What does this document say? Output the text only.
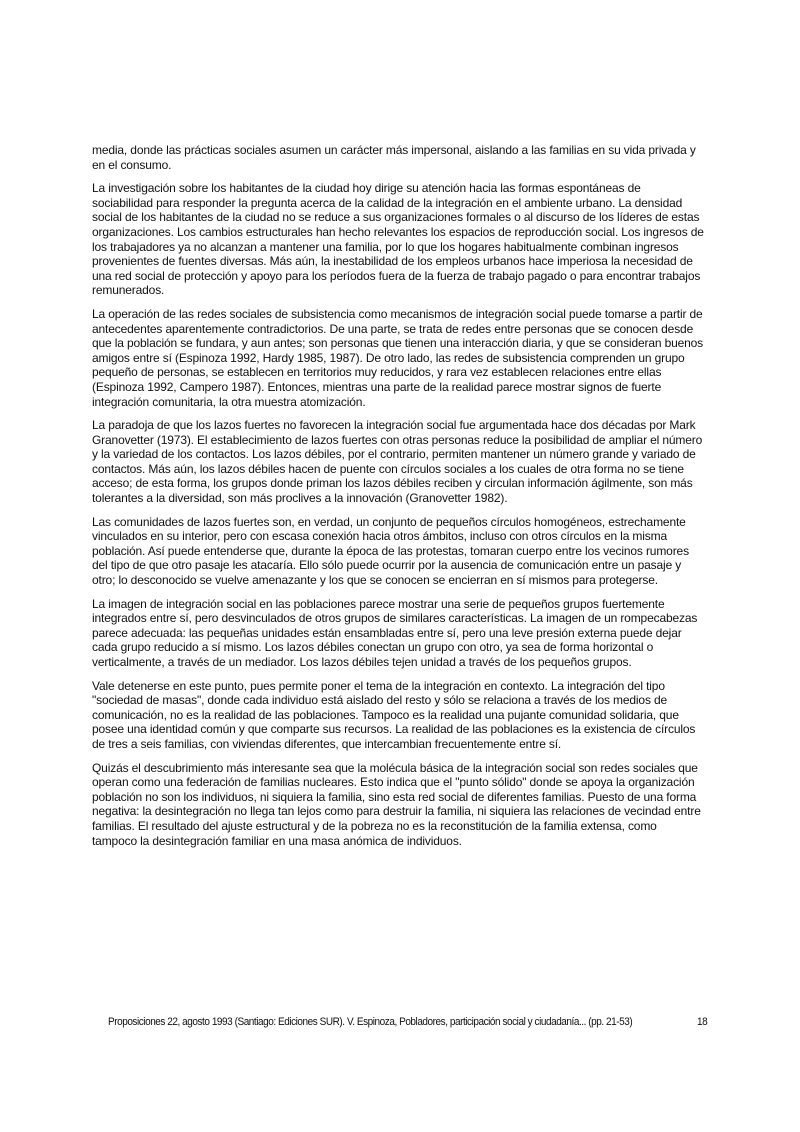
media, donde las prácticas sociales asumen un carácter más impersonal, aislando a las familias en su vida privada y en el consumo.

La investigación sobre los habitantes de la ciudad hoy dirige su atención hacia las formas espontáneas de sociabilidad para responder la pregunta acerca de la calidad de la integración en el ambiente urbano. La densidad social de los habitantes de la ciudad no se reduce a sus organizaciones formales o al discurso de los líderes de estas organizaciones. Los cambios estructurales han hecho relevantes los espacios de reproducción social. Los ingresos de los trabajadores ya no alcanzan a mantener una familia, por lo que los hogares habitualmente combinan ingresos provenientes de fuentes diversas. Más aún, la inestabilidad de los empleos urbanos hace imperiosa la necesidad de una red social de protección y apoyo para los períodos fuera de la fuerza de trabajo pagado o para encontrar trabajos remunerados.

La operación de las redes sociales de subsistencia como mecanismos de integración social puede tomarse a partir de antecedentes aparentemente contradictorios. De una parte, se trata de redes entre personas que se conocen desde que la población se fundara, y aun antes; son personas que tienen una interacción diaria, y que se consideran buenos amigos entre sí (Espinoza 1992, Hardy 1985, 1987). De otro lado, las redes de subsistencia comprenden un grupo pequeño de personas, se establecen en territorios muy reducidos, y rara vez establecen relaciones entre ellas (Espinoza 1992, Campero 1987). Entonces, mientras una parte de la realidad parece mostrar signos de fuerte integración comunitaria, la otra muestra atomización.

La paradoja de que los lazos fuertes no favorecen la integración social fue argumentada hace dos décadas por Mark Granovetter (1973). El establecimiento de lazos fuertes con otras personas reduce la posibilidad de ampliar el número y la variedad de los contactos. Los lazos débiles, por el contrario, permiten mantener un número grande y variado de contactos. Más aún, los lazos débiles hacen de puente con círculos sociales a los cuales de otra forma no se tiene acceso; de esta forma, los grupos donde priman los lazos débiles reciben y circulan información ágilmente, son más tolerantes a la diversidad, son más proclives a la innovación (Granovetter 1982).

Las comunidades de lazos fuertes son, en verdad, un conjunto de pequeños círculos homogéneos, estrechamente vinculados en su interior, pero con escasa conexión hacia otros ámbitos, incluso con otros círculos en la misma población. Así puede entenderse que, durante la época de las protestas, tomaran cuerpo entre los vecinos rumores del tipo de que otro pasaje les atacaría. Ello sólo puede ocurrir por la ausencia de comunicación entre un pasaje y otro; lo desconocido se vuelve amenazante y los que se conocen se encierran en sí mismos para protegerse.

La imagen de integración social en las poblaciones parece mostrar una serie de pequeños grupos fuertemente integrados entre sí, pero desvinculados de otros grupos de similares características. La imagen de un rompecabezas parece adecuada: las pequeñas unidades están ensambladas entre sí, pero una leve presión externa puede dejar cada grupo reducido a sí mismo. Los lazos débiles conectan un grupo con otro, ya sea de forma horizontal o verticalmente, a través de un mediador. Los lazos débiles tejen unidad a través de los pequeños grupos.

Vale detenerse en este punto, pues permite poner el tema de la integración en contexto. La integración del tipo "sociedad de masas", donde cada individuo está aislado del resto y sólo se relaciona a través de los medios de comunicación, no es la realidad de las poblaciones. Tampoco es la realidad una pujante comunidad solidaria, que posee una identidad común y que comparte sus recursos. La realidad de las poblaciones es la existencia de círculos de tres a seis familias, con viviendas diferentes, que intercambian frecuentemente entre sí.

Quizás el descubrimiento más interesante sea que la molécula básica de la integración social son redes sociales que operan como una federación de familias nucleares. Esto indica que el "punto sólido" donde se apoya la organización población no son los individuos, ni siquiera la familia, sino esta red social de diferentes familias. Puesto de una forma negativa: la desintegración no llega tan lejos como para destruir la familia, ni siquiera las relaciones de vecindad entre familias. El resultado del ajuste estructural y de la pobreza no es la reconstitución de la familia extensa, como tampoco la desintegración familiar en una masa anómica de individuos.

Proposiciones 22, agosto 1993 (Santiago: Ediciones SUR). V. Espinoza, Pobladores, participación social y ciudadanía... (pp. 21-53)	18
